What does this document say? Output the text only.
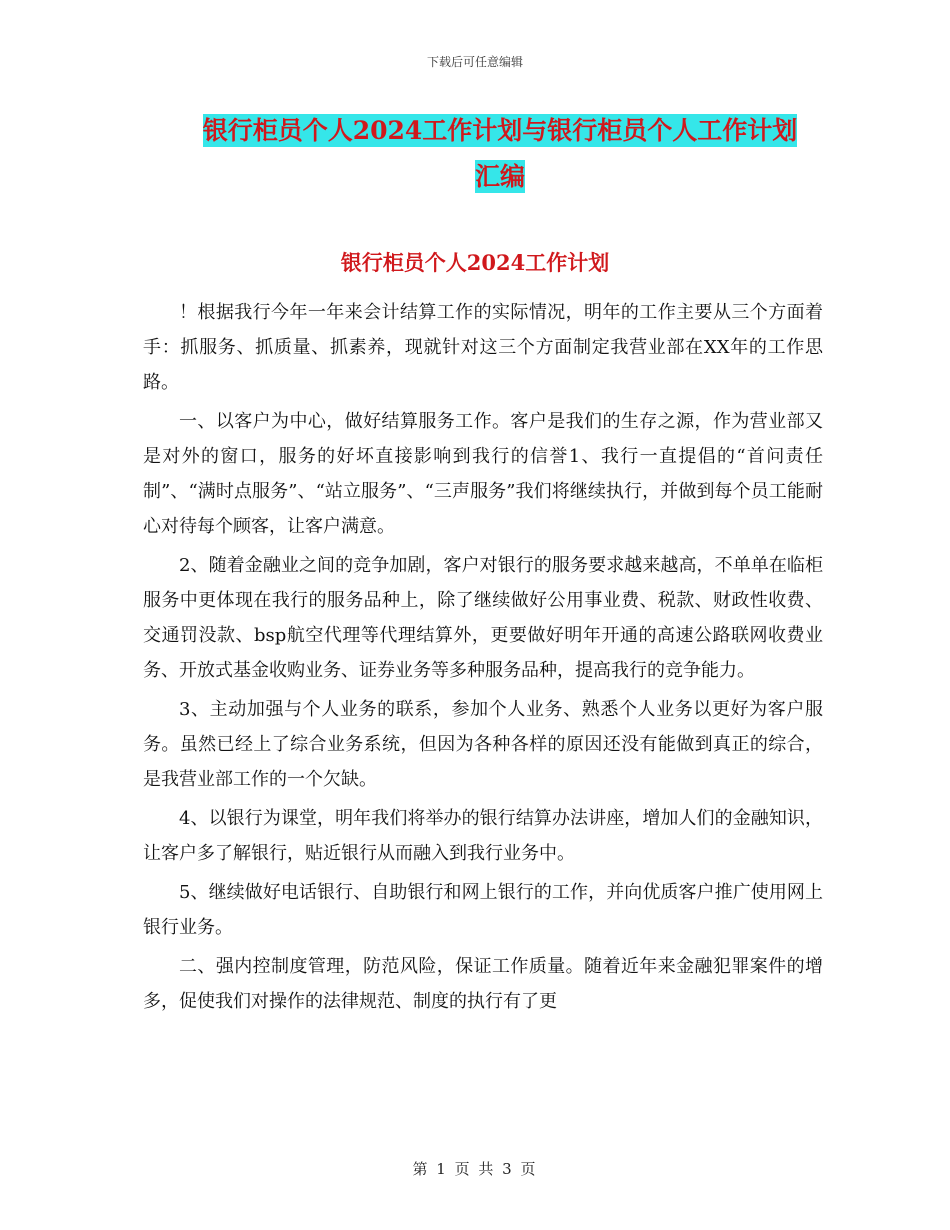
下载后可任意编辑
银行柜员个人2024工作计划与银行柜员个人工作计划
汇编
银行柜员个人2024工作计划

！根据我行今年一年来会计结算工作的实际情况，明年的工作主要从三个方面着手：抓服务、抓质量、抓素养，现就针对这三个方面制定我营业部在XX年的工作思路。

一、以客户为中心，做好结算服务工作。客户是我们的生存之源，作为营业部又是对外的窗口，服务的好坏直接影响到我行的信誉1、我行一直提倡的“首问责任制”、“满时点服务”、“站立服务”、“三声服务”我们将继续执行，并做到每个员工能耐心对待每个顾客，让客户满意。

2、随着金融业之间的竞争加剧，客户对银行的服务要求越来越高，不单单在临柜服务中更体现在我行的服务品种上，除了继续做好公用事业费、税款、财政性收费、交通罚没款、bsp航空代理等代理结算外，更要做好明年开通的高速公路联网收费业务、开放式基金收购业务、证券业务等多种服务品种，提高我行的竞争能力。

3、主动加强与个人业务的联系，参加个人业务、熟悉个人业务以更好为客户服务。虽然已经上了综合业务系统，但因为各种各样的原因还没有能做到真正的综合，是我营业部工作的一个欠缺。

4、以银行为课堂，明年我们将举办的银行结算办法讲座，增加人们的金融知识，让客户多了解银行，贴近银行从而融入到我行业务中。

5、继续做好电话银行、自助银行和网上银行的工作，并向优质客户推广使用网上银行业务。

二、强内控制度管理，防范风险，保证工作质量。随着近年来金融犯罪案件的增多，促使我们对操作的法律规范、制度的执行有了更

第 1 页 共 3 页
